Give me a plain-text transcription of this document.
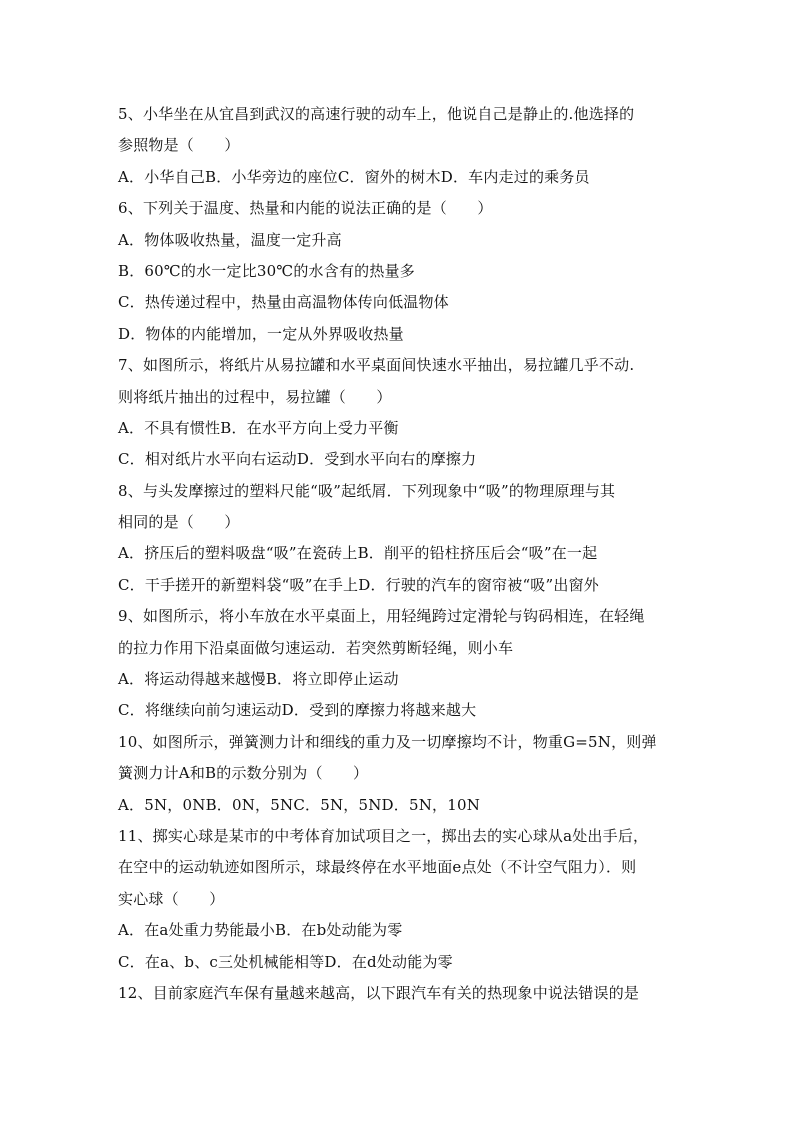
5、小华坐在从宜昌到武汉的高速行驶的动车上，他说自己是静止的.他选择的
参照物是（　　）
A．小华自己B．小华旁边的座位C．窗外的树木D．车内走过的乘务员
6、下列关于温度、热量和内能的说法正确的是（　　）
A．物体吸收热量，温度一定升高
B．60℃的水一定比30℃的水含有的热量多
C．热传递过程中，热量由高温物体传向低温物体
D．物体的内能增加，一定从外界吸收热量
7、如图所示，将纸片从易拉罐和水平桌面间快速水平抽出，易拉罐几乎不动.
则将纸片抽出的过程中，易拉罐（　　）
A．不具有惯性B．在水平方向上受力平衡
C．相对纸片水平向右运动D．受到水平向右的摩擦力
8、与头发摩擦过的塑料尺能“吸”起纸屑．下列现象中“吸”的物理原理与其
相同的是（　　）
A．挤压后的塑料吸盘“吸”在瓷砖上B．削平的铅柱挤压后会“吸”在一起
C．干手搓开的新塑料袋“吸”在手上D．行驶的汽车的窗帘被“吸”出窗外
9、如图所示，将小车放在水平桌面上，用轻绳跨过定滑轮与钩码相连，在轻绳
的拉力作用下沿桌面做匀速运动．若突然剪断轻绳，则小车
A．将运动得越来越慢B．将立即停止运动
C．将继续向前匀速运动D．受到的摩擦力将越来越大
10、如图所示，弹簧测力计和细线的重力及一切摩擦均不计，物重G=5N，则弹
簧测力计A和B的示数分别为（　　）
A．5N，0NB．0N，5NC．5N，5ND．5N，10N
11、掷实心球是某市的中考体育加试项目之一，掷出去的实心球从a处出手后，
在空中的运动轨迹如图所示，球最终停在水平地面e点处（不计空气阻力）．则
实心球（　　）
A．在a处重力势能最小B．在b处动能为零
C．在a、b、c三处机械能相等D．在d处动能为零
12、目前家庭汽车保有量越来越高，以下跟汽车有关的热现象中说法错误的是
